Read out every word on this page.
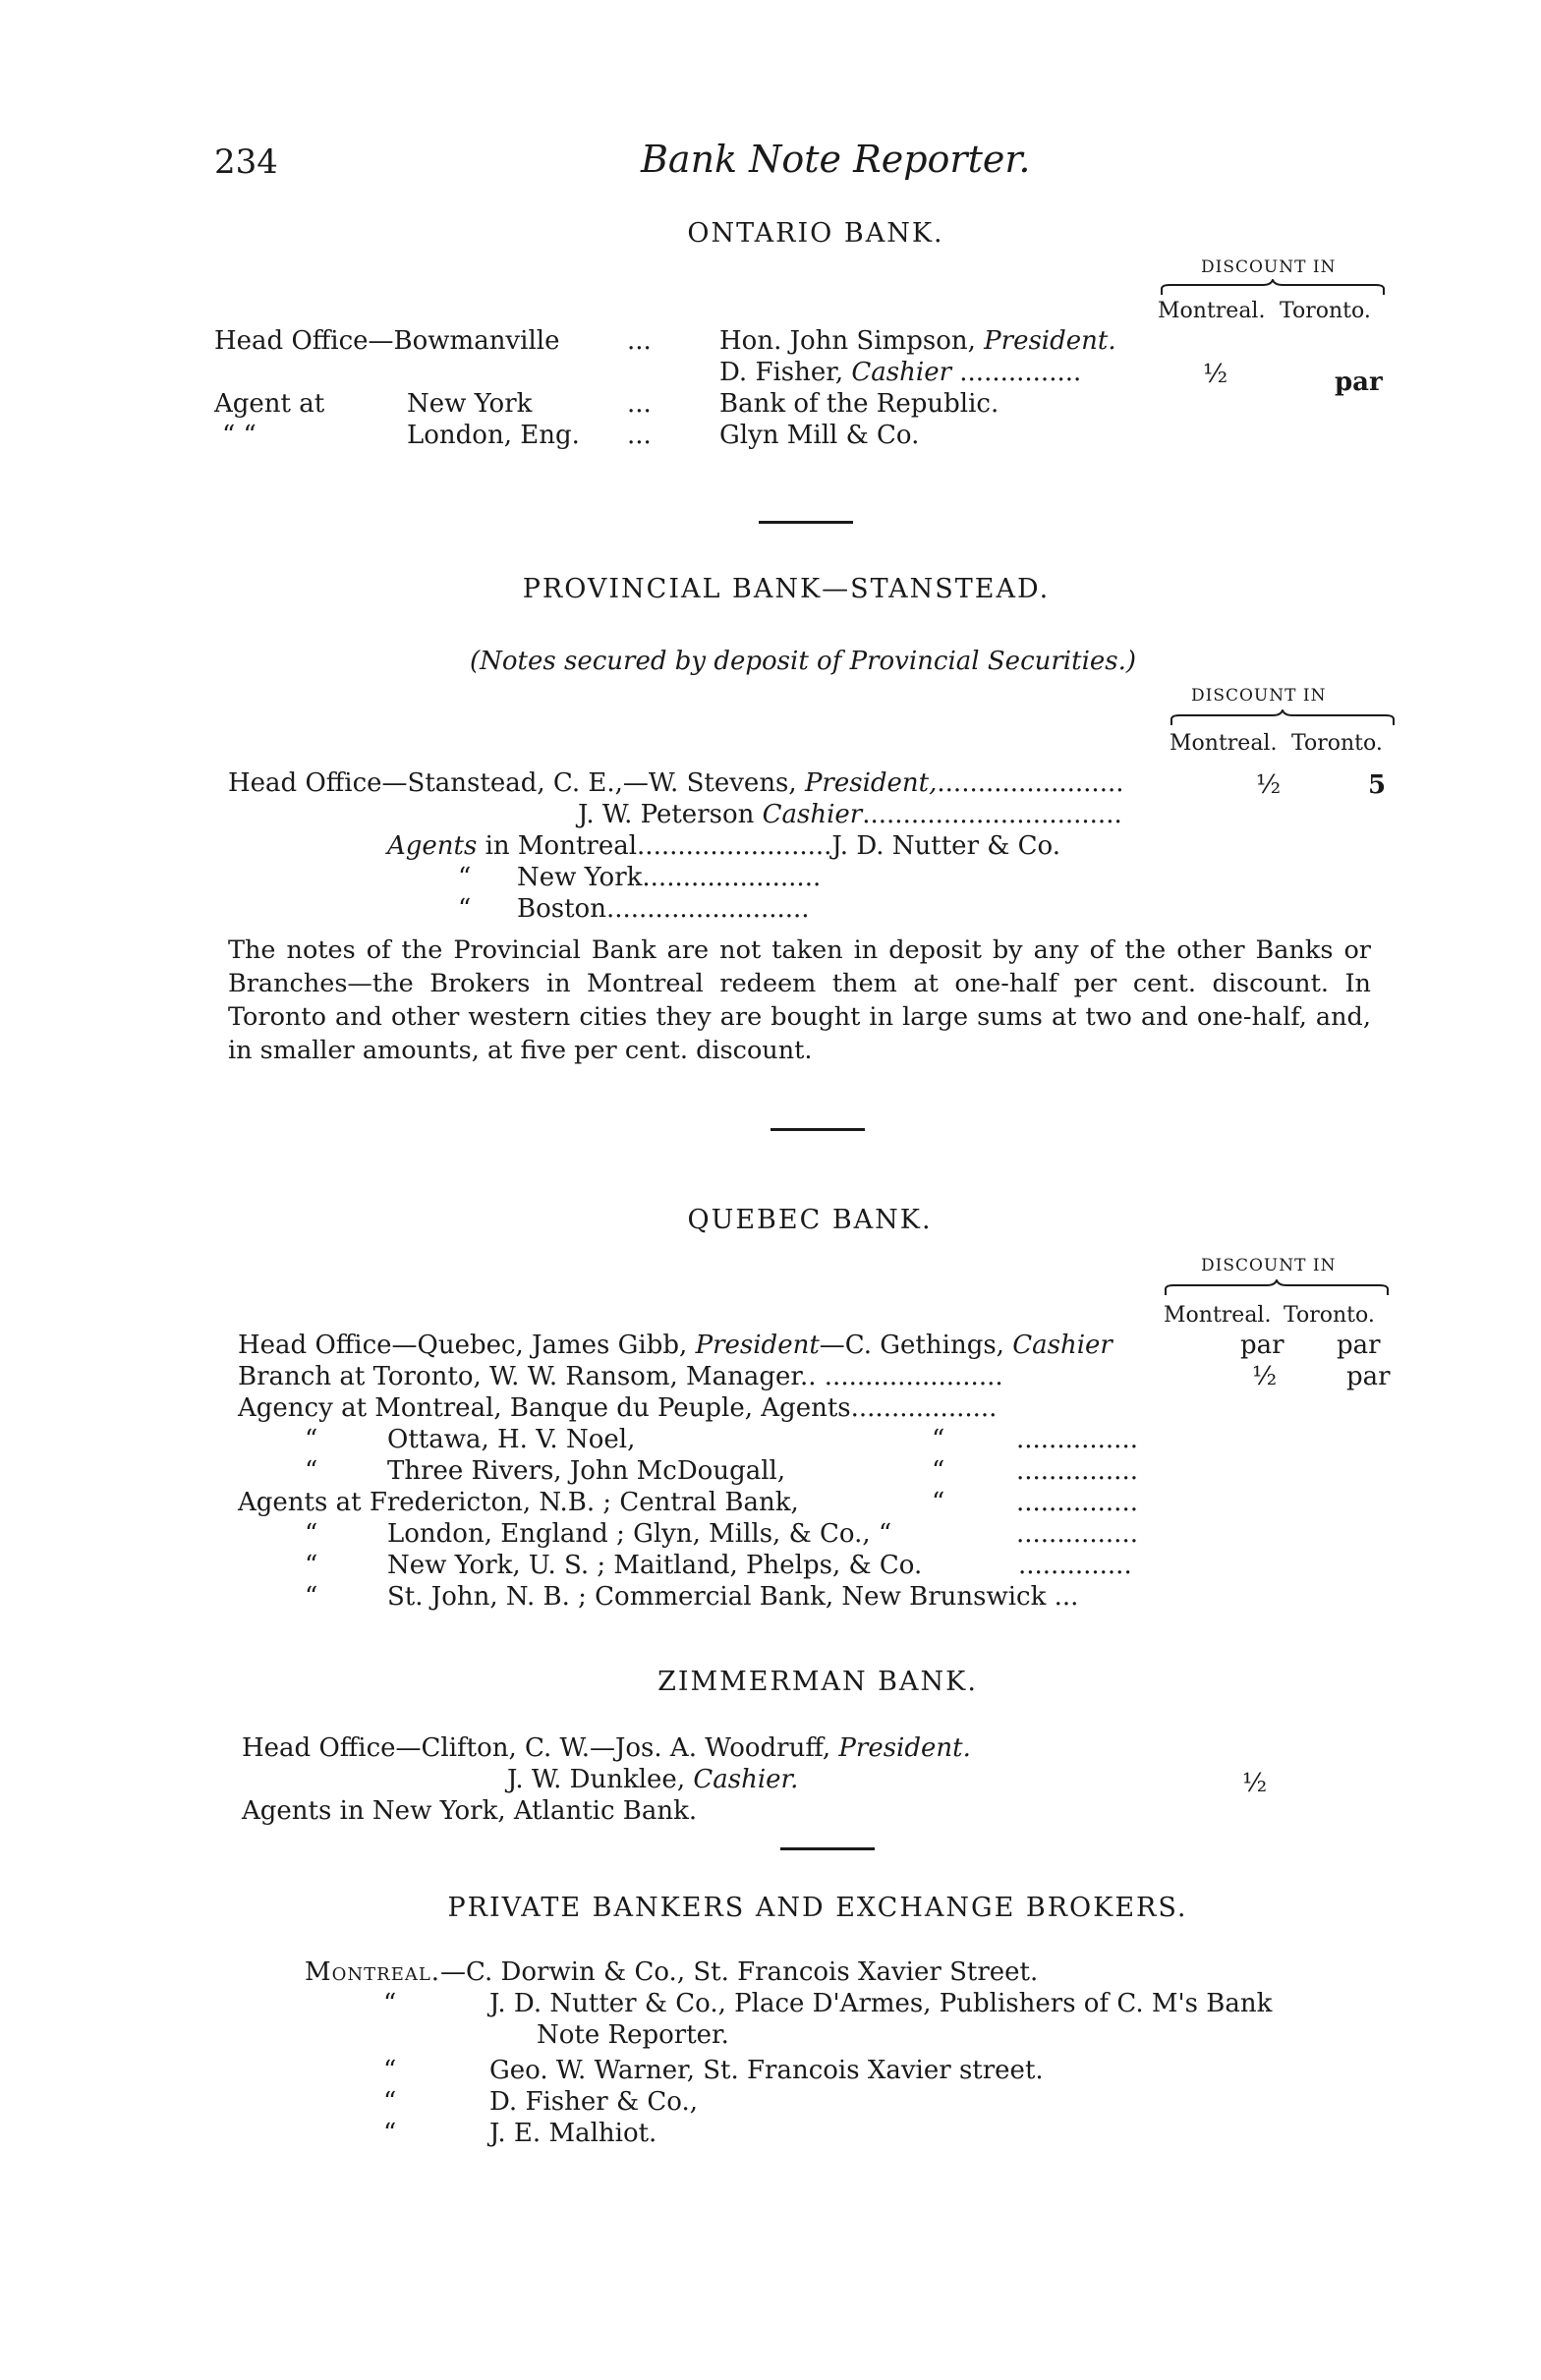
234	Bank Note Reporter.
ONTARIO BANK.
DISCOUNT IN
Montreal. Toronto.
Head Office—Bowmanville	...	Hon. John Simpson, President.
D. Fisher, Cashier ...............	½	par
Agent at	New York	...	Bank of the Republic.
“ “	London, Eng. ...	Glyn Mill & Co.
PROVINCIAL BANK—STANSTEAD.
(Notes secured by deposit of Provincial Securities.)
DISCOUNT IN
Montreal. Toronto.
Head Office—Stanstead, C. E.,—W. Stevens, President,.......................	½	5
J. W. Peterson Cashier................................
Agents in Montreal........................J. D. Nutter & Co.
“ New York......................
“ Boston.........................
The notes of the Provincial Bank are not taken in deposit by any of the other Banks or Branches—the Brokers in Montreal redeem them at one-half per cent. discount. In Toronto and other western cities they are bought in large sums at two and one-half, and, in smaller amounts, at five per cent. discount.
QUEBEC BANK.
DISCOUNT IN
Montreal. Toronto.
Head Office—Quebec, James Gibb, President—C. Gethings, Cashier	par par
Branch at Toronto, W. W. Ransom, Manager.. ......................	½	par
Agency at Montreal, Banque du Peuple, Agents..................
“	Ottawa, H. V. Noel,	“	...............
“	Three Rivers, John McDougall,	“	...............
Agents at Fredericton, N.B. ; Central Bank,	“	...............
“	London, England ; Glyn, Mills, & Co., “	...............
“	New York, U. S. ; Maitland, Phelps, & Co.	..............
“	St. John, N. B. ; Commercial Bank, New Brunswick ...
ZIMMERMAN BANK.
Head Office—Clifton, C. W.—Jos. A. Woodruff, President.
J. W. Dunklee, Cashier.	½
Agents in New York, Atlantic Bank.
PRIVATE BANKERS AND EXCHANGE BROKERS.
Montreal.—C. Dorwin & Co., St. Francois Xavier Street.
“	J. D. Nutter & Co., Place D'Armes, Publishers of C. M's Bank
Note Reporter.
“	Geo. W. Warner, St. Francois Xavier street.
“	D. Fisher & Co.,
“	J. E. Malhiot.
